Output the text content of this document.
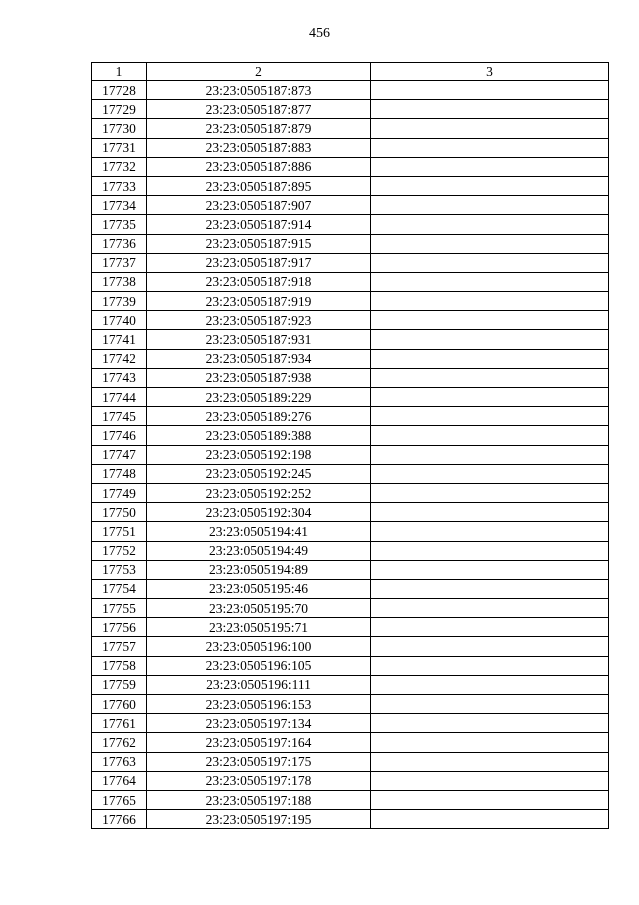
456
1	2	3
17728	23:23:0505187:873	
17729	23:23:0505187:877	
17730	23:23:0505187:879	
17731	23:23:0505187:883	
17732	23:23:0505187:886	
17733	23:23:0505187:895	
17734	23:23:0505187:907	
17735	23:23:0505187:914	
17736	23:23:0505187:915	
17737	23:23:0505187:917	
17738	23:23:0505187:918	
17739	23:23:0505187:919	
17740	23:23:0505187:923	
17741	23:23:0505187:931	
17742	23:23:0505187:934	
17743	23:23:0505187:938	
17744	23:23:0505189:229	
17745	23:23:0505189:276	
17746	23:23:0505189:388	
17747	23:23:0505192:198	
17748	23:23:0505192:245	
17749	23:23:0505192:252	
17750	23:23:0505192:304	
17751	23:23:0505194:41	
17752	23:23:0505194:49	
17753	23:23:0505194:89	
17754	23:23:0505195:46	
17755	23:23:0505195:70	
17756	23:23:0505195:71	
17757	23:23:0505196:100	
17758	23:23:0505196:105	
17759	23:23:0505196:111	
17760	23:23:0505196:153	
17761	23:23:0505197:134	
17762	23:23:0505197:164	
17763	23:23:0505197:175	
17764	23:23:0505197:178	
17765	23:23:0505197:188	
17766	23:23:0505197:195	
